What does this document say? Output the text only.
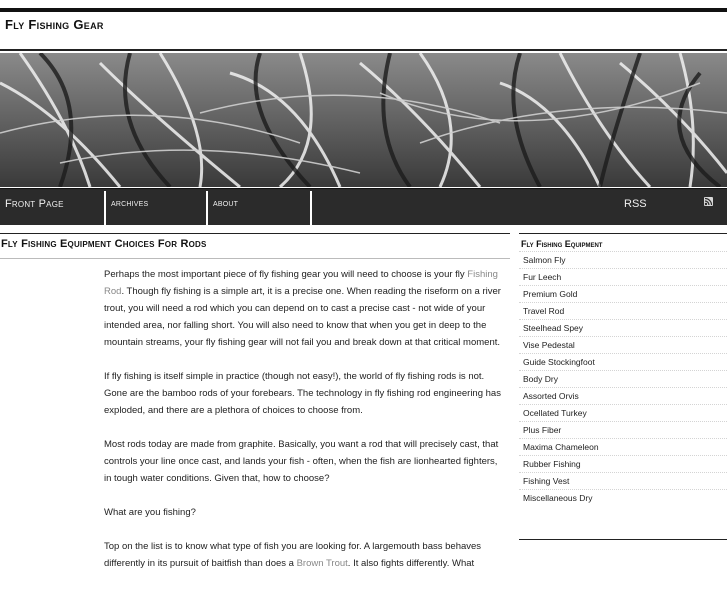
Fly Fishing Gear
Front Page	archives	about	RSS
Fly Fishing Equipment Choices For Rods

Perhaps the most important piece of fly fishing gear you will need to choose is your fly Fishing Rod. Though fly fishing is a simple art, it is a precise one. When reading the riseform on a river trout, you will need a rod which you can depend on to cast a precise cast - not wide of your intended area, nor falling short. You will also need to know that when you get in deep to the mountain streams, your fly fishing gear will not fail you and break down at that critical moment.

If fly fishing is itself simple in practice (though not easy!), the world of fly fishing rods is not. Gone are the bamboo rods of your forebears. The technology in fly fishing rod engineering has exploded, and there are a plethora of choices to choose from.

Most rods today are made from graphite. Basically, you want a rod that will precisely cast, that controls your line once cast, and lands your fish - often, when the fish are lionhearted fighters, in tough water conditions. Given that, how to choose?

What are you fishing?

Top on the list is to know what type of fish you are looking for. A largemouth bass behaves differently in its pursuit of baitfish than does a Brown Trout. It also fights differently. What

Fly Fishing Equipment
Salmon Fly
Fur Leech
Premium Gold
Travel Rod
Steelhead Spey
Vise Pedestal
Guide Stockingfoot
Body Dry
Assorted Orvis
Ocellated Turkey
Plus Fiber
Maxima Chameleon
Rubber Fishing
Fishing Vest
Miscellaneous Dry
